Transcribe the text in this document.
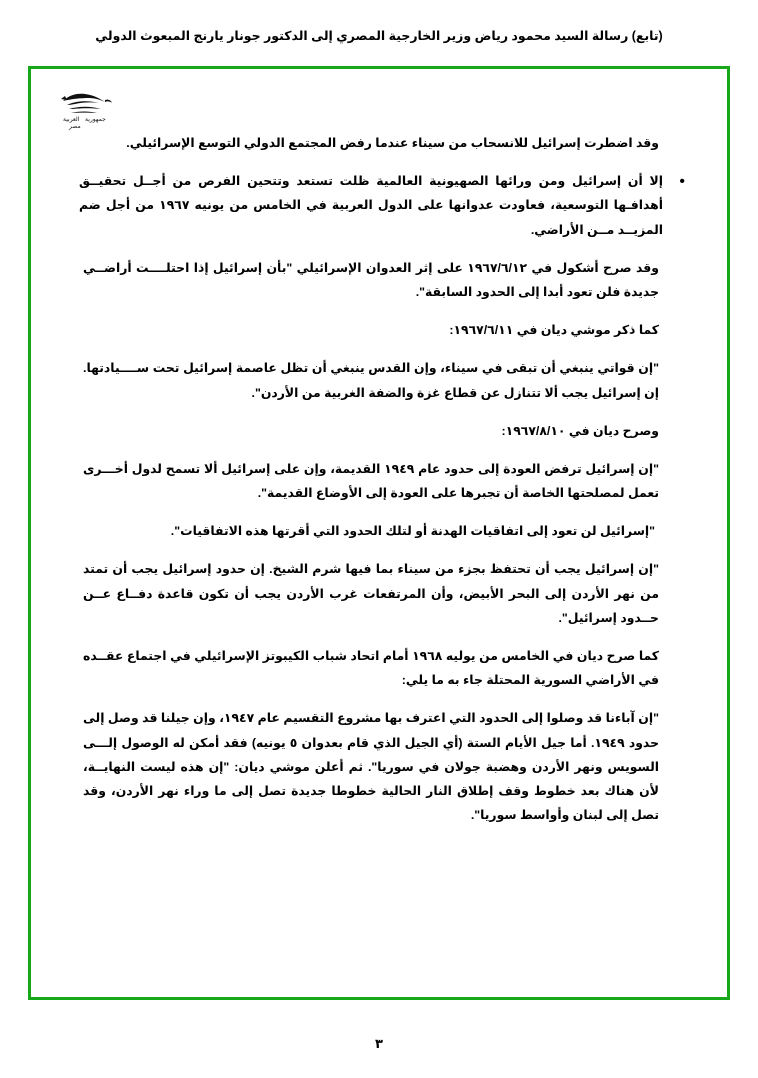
(تابع) رسالة السيد محمود رياض وزير الخارجية المصري إلى الدكتور جونار يارنج المبعوث الدولي
العربية جمهورية
مصر

وقد اضطرت إسرائيل للانسحاب من سيناء عندما رفض المجتمع الدولي التوسع الإسرائيلي.

•
إلا أن إسرائيل ومن ورائها الصهيونية العالمية ظلت تستعد وتتحين الفرص من أجــل تحقيــق أهدافـها التوسعية، فعاودت عدوانها على الدول العربية في الخامس من يونيه ١٩٦٧ من أجل ضم المزيــد مــن الأراضي.

وقد صرح أشكول في ١٩٦٧/٦/١٢ على إثر العدوان الإسرائيلي "بأن إسرائيل إذا احتلــــت أراضــي جديدة فلن تعود أبدا إلى الحدود السابقة".

كما ذكر موشي ديان في ١٩٦٧/٦/١١:

"إن قواتي ينبغي أن تبقى في سيناء، وإن القدس ينبغي أن تظل عاصمة إسرائيل تحت ســــيادتها. إن إسرائيل يجب ألا تتنازل عن قطاع غزة والضفة الغربية من الأردن".

وصرح ديان في ١٩٦٧/٨/١٠:

"إن إسرائيل ترفض العودة إلى حدود عام ١٩٤٩ القديمة، وإن على إسرائيل ألا تسمح لدول أخـــرى تعمل لمصلحتها الخاصة أن تجبرها على العودة إلى الأوضاع القديمة".

"إسرائيل لن تعود إلى اتفاقيات الهدنة أو لتلك الحدود التي أقرتها هذه الاتفاقيات".

"إن إسرائيل يجب أن تحتفظ بجزء من سيناء بما فيها شرم الشيخ. إن حدود إسرائيل يجب أن تمتد من نهر الأردن إلى البحر الأبيض، وأن المرتفعات غرب الأردن يجب أن تكون قاعدة دفــاع عــن حــدود إسرائيل".

كما صرح ديان في الخامس من يوليه ١٩٦٨ أمام اتحاد شباب الكيبوتز الإسرائيلي في اجتماع عقــده في الأراضي السورية المحتلة جاء به ما يلي:

"إن آباءنا قد وصلوا إلى الحدود التي اعترف بها مشروع التقسيم عام ١٩٤٧، وإن جيلنا قد وصل إلى حدود ١٩٤٩. أما جيل الأيام الستة (أي الجيل الذي قام بعدوان ٥ يونيه) فقد أمكن له الوصول إلـــى السويس ونهر الأردن وهضبة جولان في سوريا". ثم أعلن موشي ديان: "إن هذه ليست النهايــة، لأن هناك بعد خطوط وقف إطلاق النار الحالية خطوطا جديدة تصل إلى ما وراء نهر الأردن، وقد تصل إلى لبنان وأواسط سوريا".

٣
